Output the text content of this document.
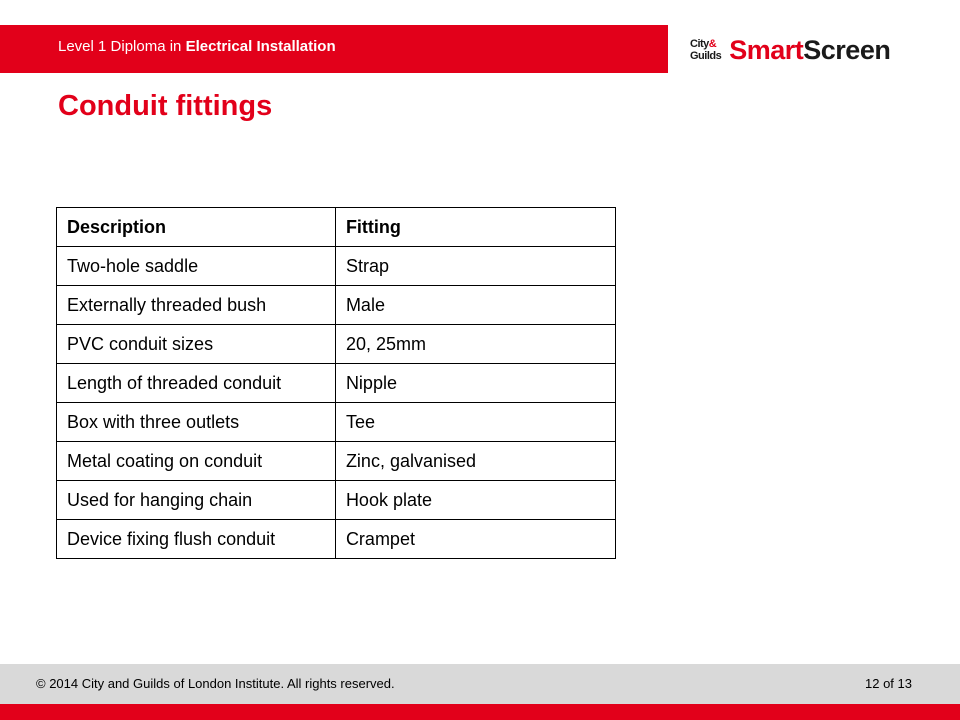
Level 1 Diploma in Electrical Installation	City&
Guilds Smart Screen
Conduit fittings
Description	Fitting
Two-hole saddle	Strap
Externally threaded bush	Male
PVC conduit sizes	20, 25mm
Length of threaded conduit	Nipple
Box with three outlets	Tee
Metal coating on conduit	Zinc, galvanised
Used for hanging chain	Hook plate
Device fixing flush conduit	Crampet
© 2014 City and Guilds of London Institute. All rights reserved.	12 of 13
